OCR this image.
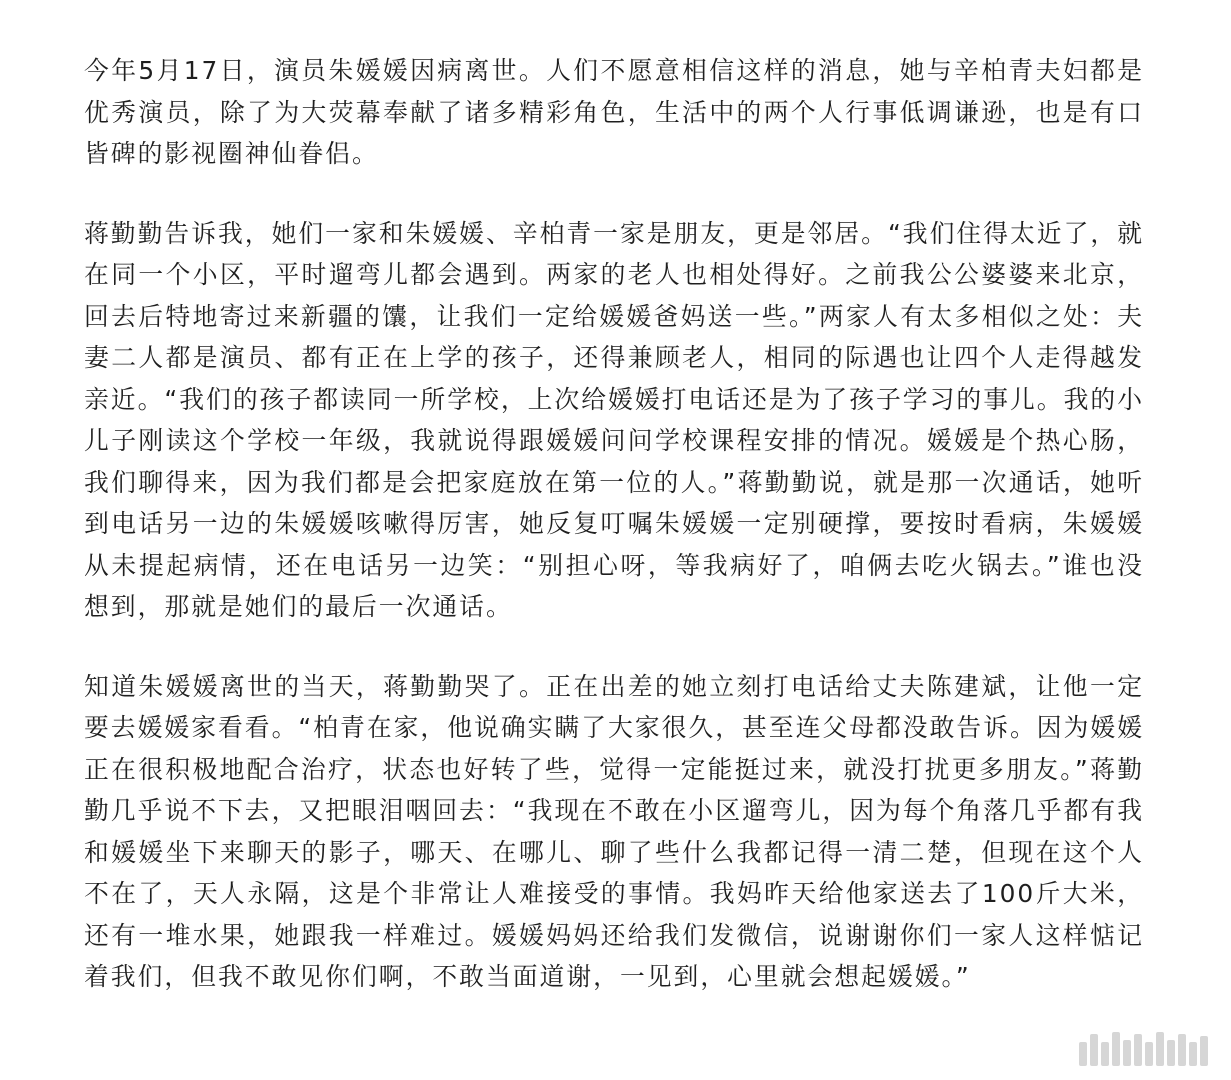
今年5月17日，演员朱媛媛因病离世。人们不愿意相信这样的消息，她与辛柏青夫妇都是优秀演员，除了为大荧幕奉献了诸多精彩角色，生活中的两个人行事低调谦逊，也是有口皆碑的影视圈神仙眷侣。

蒋勤勤告诉我，她们一家和朱媛媛、辛柏青一家是朋友，更是邻居。“我们住得太近了，就在同一个小区，平时遛弯儿都会遇到。两家的老人也相处得好。之前我公公婆婆来北京，回去后特地寄过来新疆的馕，让我们一定给媛媛爸妈送一些。”两家人有太多相似之处：夫妻二人都是演员、都有正在上学的孩子，还得兼顾老人，相同的际遇也让四个人走得越发亲近。“我们的孩子都读同一所学校，上次给媛媛打电话还是为了孩子学习的事儿。我的小儿子刚读这个学校一年级，我就说得跟媛媛问问学校课程安排的情况。媛媛是个热心肠，我们聊得来，因为我们都是会把家庭放在第一位的人。”蒋勤勤说，就是那一次通话，她听到电话另一边的朱媛媛咳嗽得厉害，她反复叮嘱朱媛媛一定别硬撑，要按时看病，朱媛媛从未提起病情，还在电话另一边笑：“别担心呀，等我病好了，咱俩去吃火锅去。”谁也没想到，那就是她们的最后一次通话。

知道朱媛媛离世的当天，蒋勤勤哭了。正在出差的她立刻打电话给丈夫陈建斌，让他一定要去媛媛家看看。“柏青在家，他说确实瞒了大家很久，甚至连父母都没敢告诉。因为媛媛正在很积极地配合治疗，状态也好转了些，觉得一定能挺过来，就没打扰更多朋友。”蒋勤勤几乎说不下去，又把眼泪咽回去：“我现在不敢在小区遛弯儿，因为每个角落几乎都有我和媛媛坐下来聊天的影子，哪天、在哪儿、聊了些什么我都记得一清二楚，但现在这个人不在了，天人永隔，这是个非常让人难接受的事情。我妈昨天给他家送去了100斤大米，还有一堆水果，她跟我一样难过。媛媛妈妈还给我们发微信，说谢谢你们一家人这样惦记着我们，但我不敢见你们啊，不敢当面道谢，一见到，心里就会想起媛媛。”
